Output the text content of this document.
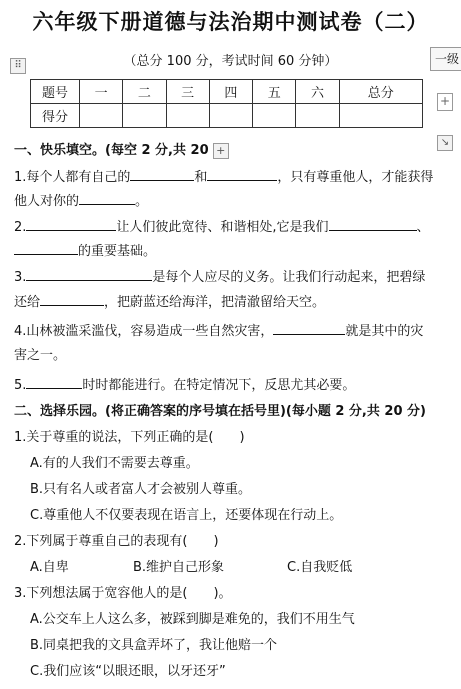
六年级下册道德与法治期中测试卷（二）
（总分 100 分，考试时间 60 分钟）
⠿	一级
题号	一	二	三	四	五	六	总分
得分							
+
↘
一、快乐填空。(每空 2 分,共 20 +
1.每个人都有自己的	和	，只有尊重他人，才能获得
他人对你的	。
2.	让人们彼此宽待、和谐相处,它是我们	、
的重要基础。
3.	是每个人应尽的义务。让我们行动起来，把碧绿
还给	，把蔚蓝还给海洋，把清澈留给天空。
4.山林被滥采滥伐，容易造成一些自然灾害，	就是其中的灾
害之一。
5.	时时都能进行。在特定情况下，反思尤其必要。
二、选择乐园。(将正确答案的序号填在括号里)(每小题 2 分,共 20 分)
1.关于尊重的说法，下列正确的是(　　)
A.有的人我们不需要去尊重。
B.只有名人或者富人才会被别人尊重。
C.尊重他人不仅要表现在语言上，还要体现在行动上。
2.下列属于尊重自己的表现有(　　)
A.自卑	B.维护自己形象	C.自我贬低
3.下列想法属于宽容他人的是(　　)。
A.公交车上人这么多，被踩到脚是难免的，我们不用生气
B.同桌把我的文具盒弄坏了，我让他赔一个
C.我们应该“以眼还眼，以牙还牙”
